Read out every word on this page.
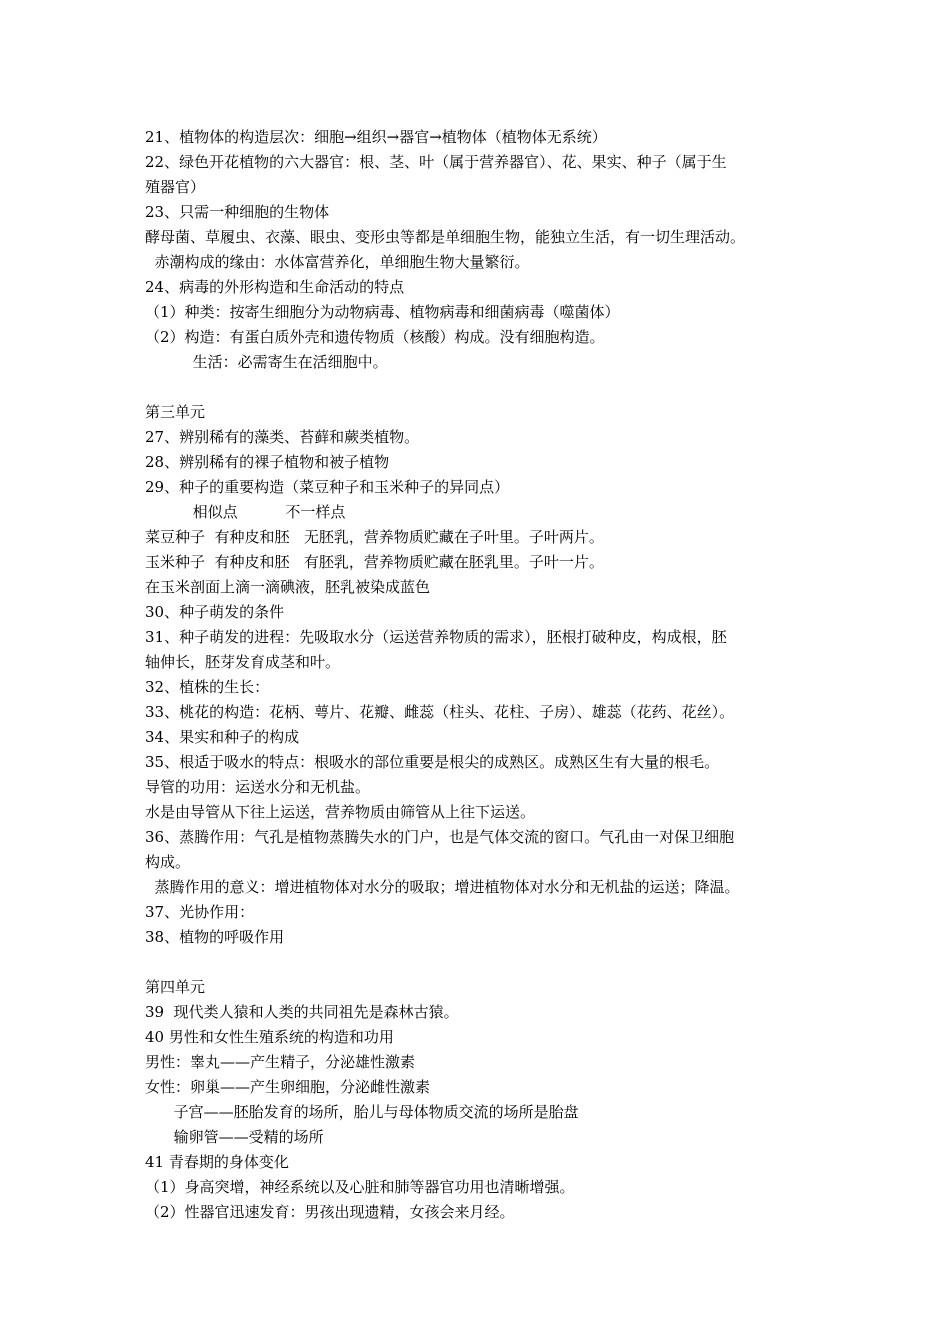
21、植物体的构造层次：细胞→组织→器官→植物体（植物体无系统）
22、绿色开花植物的六大器官：根、茎、叶（属于营养器官）、花、果实、种子（属于生
殖器官）
23、只需一种细胞的生物体
酵母菌、草履虫、衣藻、眼虫、变形虫等都是单细胞生物，能独立生活，有一切生理活动。
赤潮构成的缘由：水体富营养化，单细胞生物大量繁衍。
24、病毒的外形构造和生命活动的特点
（1）种类：按寄生细胞分为动物病毒、植物病毒和细菌病毒（噬菌体）
（2）构造：有蛋白质外壳和遗传物质（核酸）构成。没有细胞构造。
生活：必需寄生在活细胞中。
第三单元
27、辨别稀有的藻类、苔藓和蕨类植物。
28、辨别稀有的裸子植物和被子植物
29、种子的重要构造（菜豆种子和玉米种子的异同点）
相似点          不一样点
菜豆种子  有种皮和胚   无胚乳，营养物质贮藏在子叶里。子叶两片。
玉米种子  有种皮和胚   有胚乳，营养物质贮藏在胚乳里。子叶一片。
在玉米剖面上滴一滴碘液，胚乳被染成蓝色
30、种子萌发的条件
31、种子萌发的进程：先吸取水分（运送营养物质的需求），胚根打破种皮，构成根，胚
轴伸长，胚芽发育成茎和叶。
32、植株的生长：
33、桃花的构造：花柄、萼片、花瓣、雌蕊（柱头、花柱、子房）、雄蕊（花药、花丝）。
34、果实和种子的构成
35、根适于吸水的特点：根吸水的部位重要是根尖的成熟区。成熟区生有大量的根毛。
导管的功用：运送水分和无机盐。
水是由导管从下往上运送，营养物质由筛管从上往下运送。
36、蒸腾作用：气孔是植物蒸腾失水的门户，也是气体交流的窗口。气孔由一对保卫细胞
构成。
蒸腾作用的意义：增进植物体对水分的吸取；增进植物体对水分和无机盐的运送；降温。
37、光协作用：
38、植物的呼吸作用
第四单元
39  现代类人猿和人类的共同祖先是森林古猿。
40 男性和女性生殖系统的构造和功用
男性：睾丸——产生精子，分泌雄性激素
女性：卵巢——产生卵细胞，分泌雌性激素
子宫——胚胎发育的场所，胎儿与母体物质交流的场所是胎盘
输卵管——受精的场所
41 青春期的身体变化
（1）身高突增，神经系统以及心脏和肺等器官功用也清晰增强。
（2）性器官迅速发育：男孩出现遗精，女孩会来月经。
